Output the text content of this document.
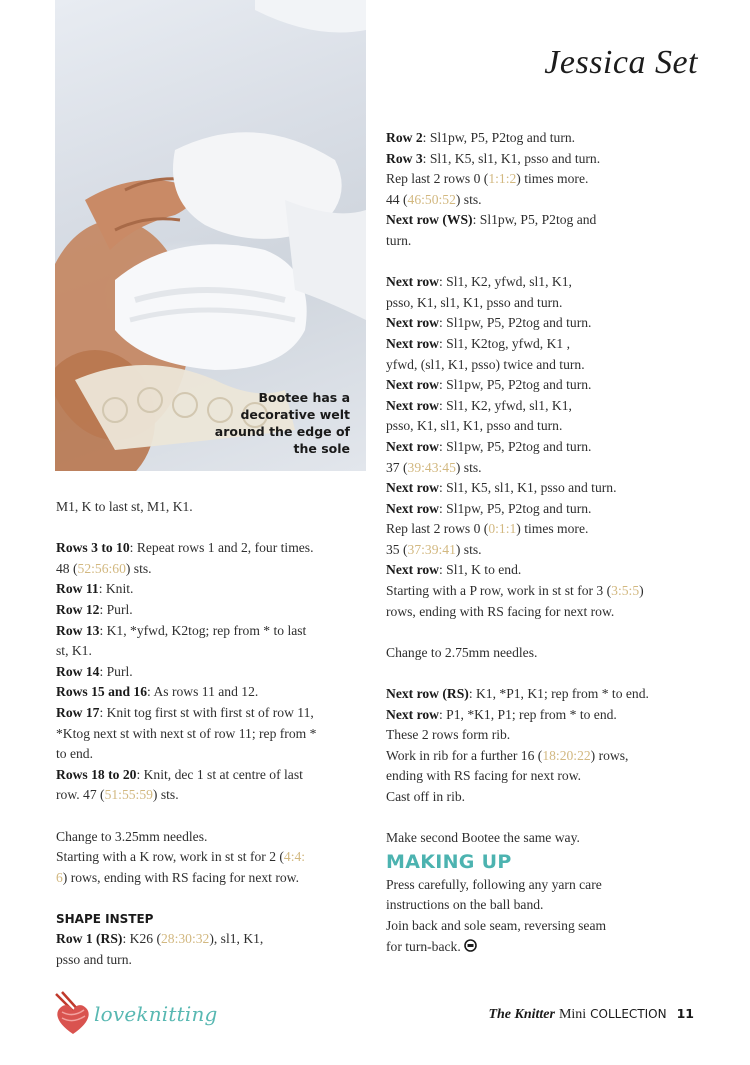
Bootee has a decorative welt around the edge of the sole
Jessica Set

M1, K to last st, M1, K1.

Rows 3 to 10: Repeat rows 1 and 2, four times.

48 (52:56:60) sts.

Row 11: Knit.

Row 12: Purl.

Row 13: K1, *yfwd, K2tog; rep from * to last

st, K1.

Row 14: Purl.

Rows 15 and 16: As rows 11 and 12.

Row 17: Knit tog first st with first st of row 11,

*Ktog next st with next st of row 11; rep from *

to end.

Rows 18 to 20: Knit, dec 1 st at centre of last

row. 47 (51:55:59) sts.

Change to 3.25mm needles.

Starting with a K row, work in st st for 2 (4:4:

6) rows, ending with RS facing for next row.

SHAPE INSTEP

Row 1 (RS): K26 (28:30:32), sl1, K1,

psso and turn.

Row 2: Sl1pw, P5, P2tog and turn.

Row 3: Sl1, K5, sl1, K1, psso and turn.

Rep last 2 rows 0 (1:1:2) times more.

44 (46:50:52) sts.

Next row (WS): Sl1pw, P5, P2tog and

turn.

Next row: Sl1, K2, yfwd, sl1, K1,

psso, K1, sl1, K1, psso and turn.

Next row: Sl1pw, P5, P2tog and turn.

Next row: Sl1, K2tog, yfwd, K1 ,

yfwd, (sl1, K1, psso) twice and turn.

Next row: Sl1pw, P5, P2tog and turn.

Next row: Sl1, K2, yfwd, sl1, K1,

psso, K1, sl1, K1, psso and turn.

Next row: Sl1pw, P5, P2tog and turn.

37 (39:43:45) sts.

Next row: Sl1, K5, sl1, K1, psso and turn.

Next row: Sl1pw, P5, P2tog and turn.

Rep last 2 rows 0 (0:1:1) times more.

35 (37:39:41) sts.

Next row: Sl1, K to end.

Starting with a P row, work in st st for 3 (3:5:5)

rows, ending with RS facing for next row.

Change to 2.75mm needles.

Next row (RS): K1, *P1, K1; rep from * to end.

Next row: P1, *K1, P1; rep from * to end.

These 2 rows form rib.

Work in rib for a further 16 (18:20:22) rows,

ending with RS facing for next row.

Cast off in rib.

Make second Bootee the same way.

MAKING UP

Press carefully, following any yarn care

instructions on the ball band.

Join back and sole seam, reversing seam

for turn-back.

loveknitting	The Knitter Mini COLLECTION 11
